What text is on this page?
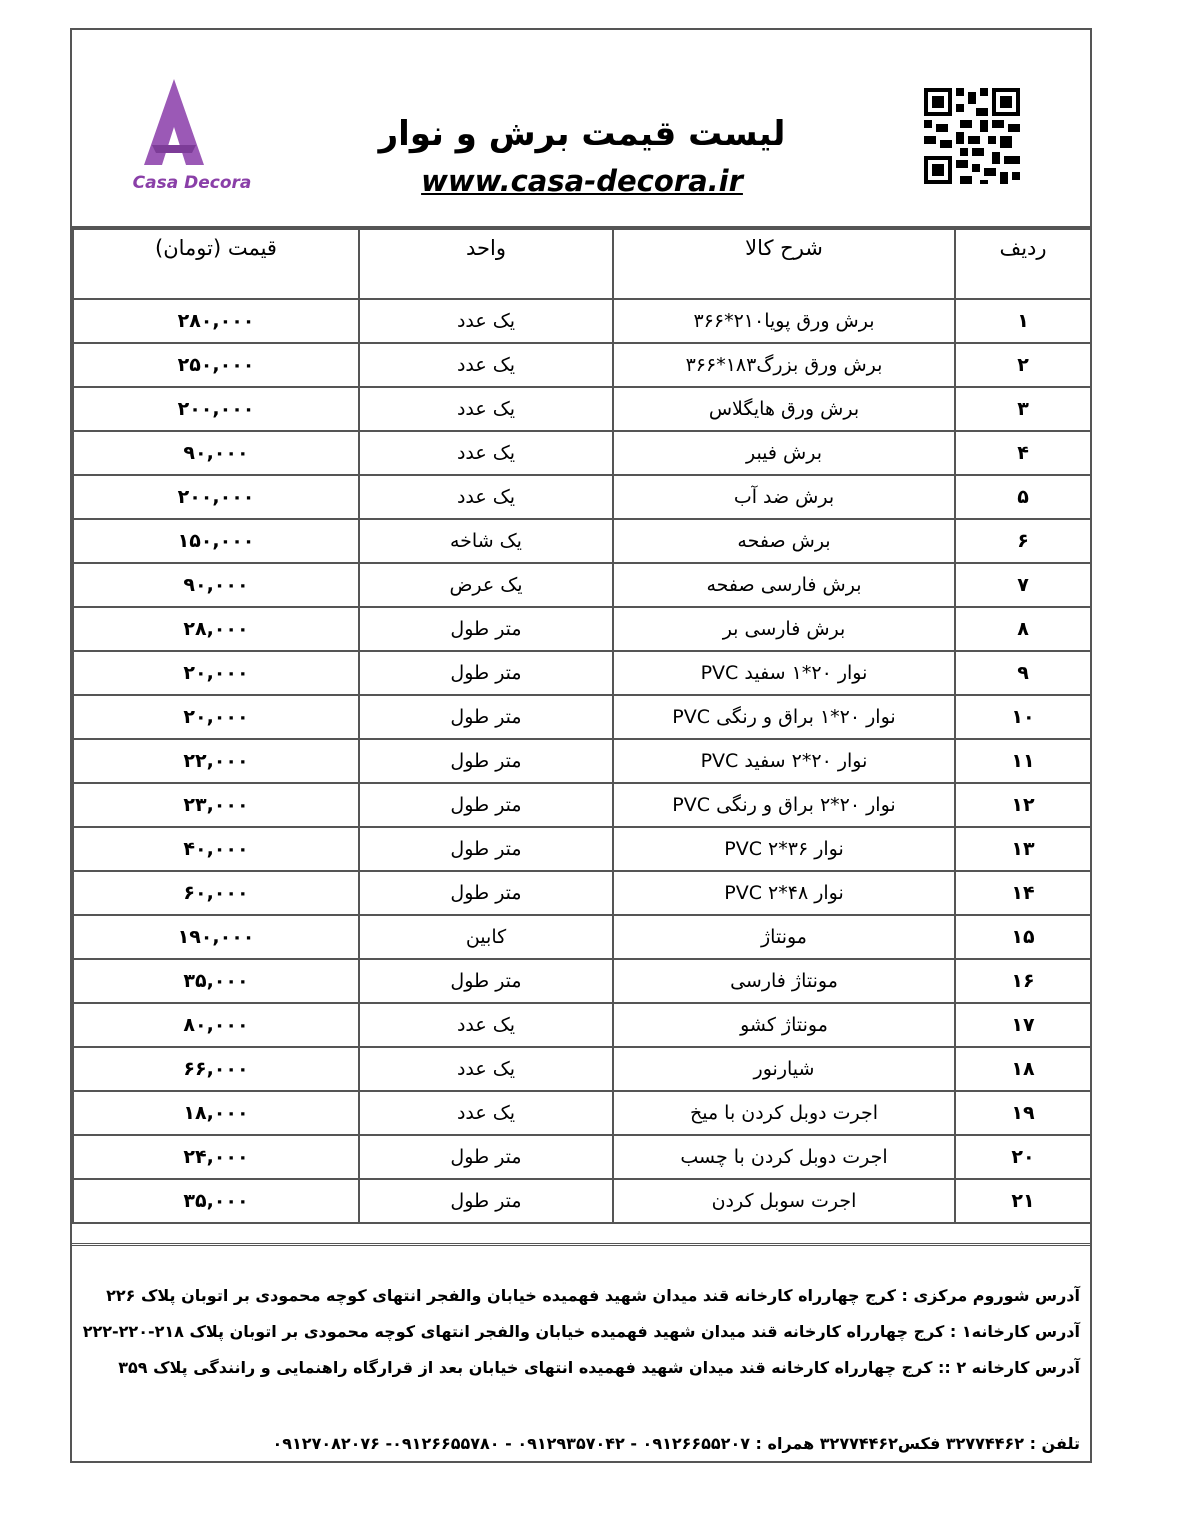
Casa Decora
لیست قیمت برش و نوار
www.casa-decora.ir
ردیف	شرح کالا	واحد	قیمت (تومان)
۱	برش ورق پویا۲۱۰*۳۶۶	یک عدد	۲۸۰,۰۰۰
۲	برش ورق بزرگ۱۸۳*۳۶۶	یک عدد	۲۵۰,۰۰۰
۳	برش ورق هایگلاس	یک عدد	۲۰۰,۰۰۰
۴	برش فیبر	یک عدد	۹۰,۰۰۰
۵	برش ضد آب	یک عدد	۲۰۰,۰۰۰
۶	برش صفحه	یک شاخه	۱۵۰,۰۰۰
۷	برش فارسی صفحه	یک عرض	۹۰,۰۰۰
۸	برش فارسی بر	متر طول	۲۸,۰۰۰
۹	نوار ۲۰*۱ سفید PVC	متر طول	۲۰,۰۰۰
۱۰	نوار ۲۰*۱ براق و رنگی PVC	متر طول	۲۰,۰۰۰
۱۱	نوار ۲۰*۲ سفید PVC	متر طول	۲۲,۰۰۰
۱۲	نوار ۲۰*۲ براق و رنگی PVC	متر طول	۲۳,۰۰۰
۱۳	نوار ۳۶*۲ PVC	متر طول	۴۰,۰۰۰
۱۴	نوار ۴۸*۲ PVC	متر طول	۶۰,۰۰۰
۱۵	مونتاژ	کابین	۱۹۰,۰۰۰
۱۶	مونتاژ فارسی	متر طول	۳۵,۰۰۰
۱۷	مونتاژ کشو	یک عدد	۸۰,۰۰۰
۱۸	شیارنور	یک عدد	۶۶,۰۰۰
۱۹	اجرت دوبل کردن با میخ	یک عدد	۱۸,۰۰۰
۲۰	اجرت دوبل کردن با چسب	متر طول	۲۴,۰۰۰
۲۱	اجرت سوبل کردن	متر طول	۳۵,۰۰۰
آدرس شوروم مرکزی : کرج چهارراه کارخانه قند میدان شهید فهمیده خیابان والفجر انتهای کوچه محمودی بر اتوبان پلاک ۲۲۶
آدرس کارخانه۱ : کرج چهارراه کارخانه قند میدان شهید فهمیده خیابان والفجر انتهای کوچه محمودی بر اتوبان پلاک ۲۱۸-۲۲۰-۲۲۲
آدرس کارخانه ۲ :: کرج چهارراه کارخانه قند میدان شهید فهمیده انتهای خیابان بعد از قرارگاه راهنمایی و رانندگی پلاک ۳۵۹
تلفن : ۳۲۷۷۴۴۶۲ فکس۳۲۷۷۴۴۶۲ همراه : ۰۹۱۲۶۶۵۵۲۰۷ - ۰۹۱۲۹۳۵۷۰۴۲ - ۰۹۱۲۶۶۵۵۷۸۰- ۰۹۱۲۷۰۸۲۰۷۶
